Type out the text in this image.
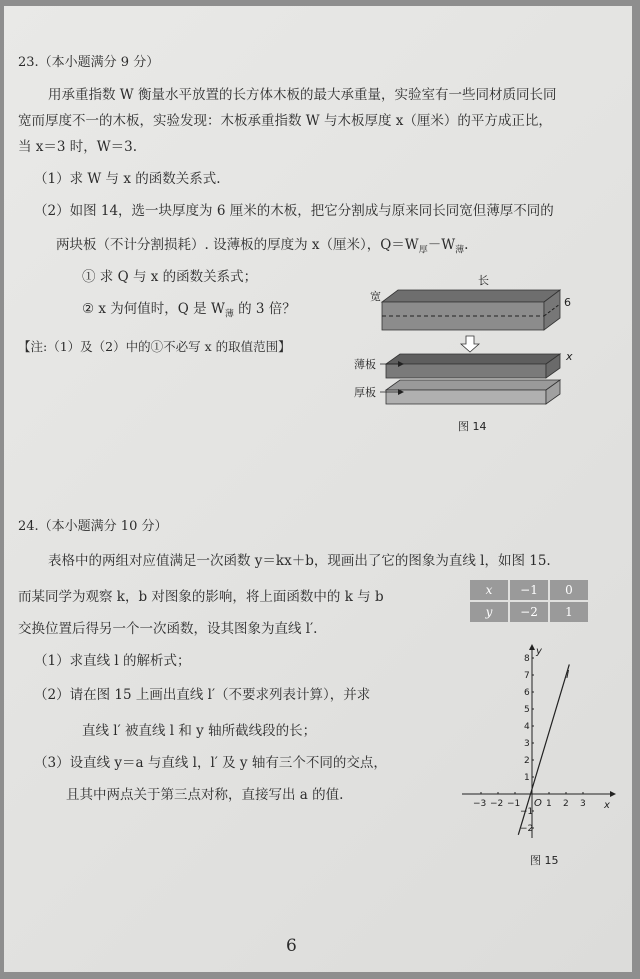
23.（本小题满分 9 分）
用承重指数 W 衡量水平放置的长方体木板的最大承重量，实验室有一些同材质同长同
宽而厚度不一的木板，实验发现：木板承重指数 W 与木板厚度 x（厘米）的平方成正比，
当 x＝3 时，W＝3.
（1）求 W 与 x 的函数关系式.
（2）如图 14，选一块厚度为 6 厘米的木板，把它分割成与原来同长同宽但薄厚不同的
两块板（不计分割损耗）. 设薄板的厚度为 x（厘米），$Q=W_厚-W_薄$.
① 求 Q 与 x 的函数关系式；
② x 为何值时，Q 是 $W_薄$ 的 3 倍？
【注:（1）及（2）中的①不必写 x 的取值范围】
长
宽	6
x
薄板
厚板
图 14
24.（本小题满分 10 分）
表格中的两组对应值满足一次函数 y＝kx＋b，现画出了它的图象为直线 l，如图 15.
而某同学为观察 k，b 对图象的影响，将上面函数中的 k 与 b
交换位置后得另一个一次函数，设其图象为直线 l′.
（1）求直线 l 的解析式；
（2）请在图 15 上画出直线 l′（不要求列表计算），并求
直线 l′ 被直线 l 和 y 轴所截线段的长；
（3）设直线 y＝a 与直线 l，l′ 及 y 轴有三个不同的交点，
且其中两点关于第三点对称，直接写出 a 的值.
x	−1	0
y	−2	1
y
x
O
−3 −2 −1	1 2 3
8
7
6
5
4
3
2
1
−1
−2
l
图 15
6
